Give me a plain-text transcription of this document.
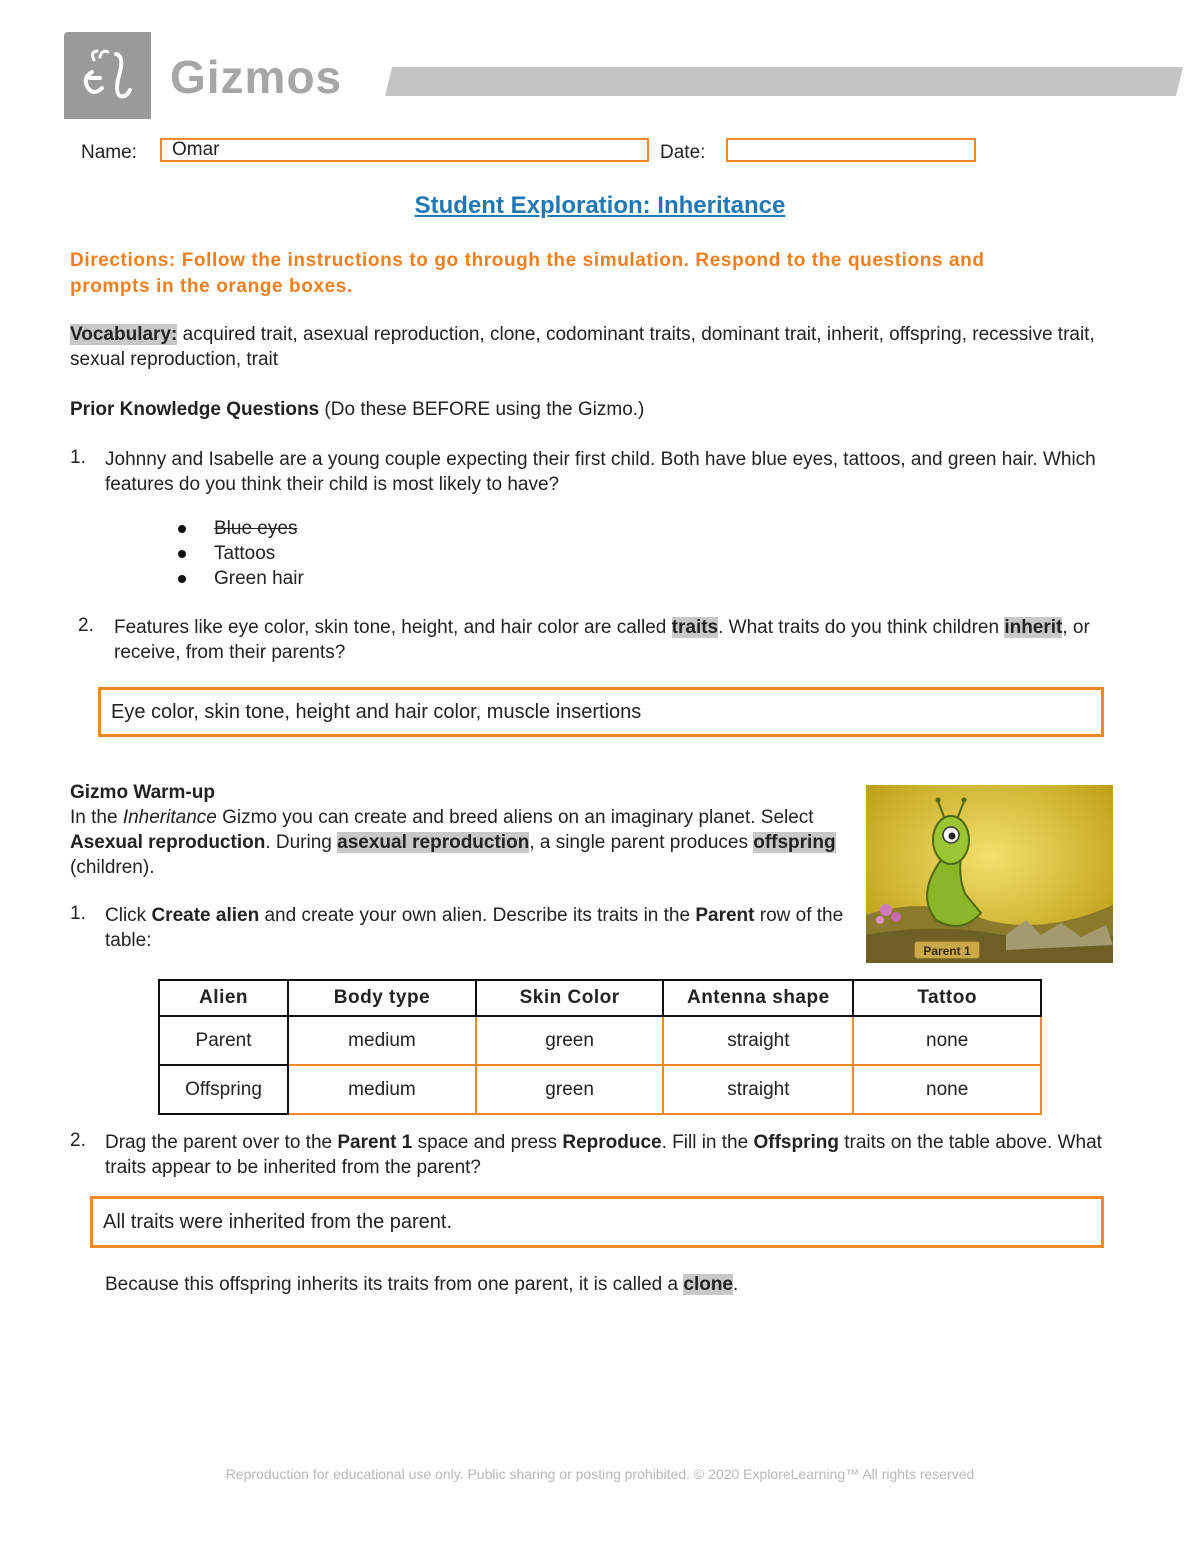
Gizmos
Name:	Omar	Date:
Student Exploration: Inheritance
Directions: Follow the instructions to go through the simulation. Respond to the questions and prompts in the orange boxes.
Vocabulary: acquired trait, asexual reproduction, clone, codominant traits, dominant trait, inherit, offspring, recessive trait, sexual reproduction, trait
Prior Knowledge Questions (Do these BEFORE using the Gizmo.)
1.	Johnny and Isabelle are a young couple expecting their first child. Both have blue eyes, tattoos, and green hair. Which features do you think their child is most likely to have?
Blue eyes
Tattoos
Green hair
2. Features like eye color, skin tone, height, and hair color are called traits. What traits do you think children inherit, or receive, from their parents?
Eye color, skin tone, height and hair color, muscle insertions
Gizmo Warm-up
In the Inheritance Gizmo you can create and breed aliens on an imaginary planet. Select Asexual reproduction. During asexual reproduction, a single parent produces offspring (children).
Parent 1
1. Click Create alien and create your own alien. Describe its traits in the Parent row of the table:
Alien	Body type	Skin Color	Antenna shape	Tattoo
Parent	medium	green	straight	none
Offspring	medium	green	straight	none
2. Drag the parent over to the Parent 1 space and press Reproduce. Fill in the Offspring traits on the table above. What traits appear to be inherited from the parent?
All traits were inherited from the parent.
Because this offspring inherits its traits from one parent, it is called a clone.
Reproduction for educational use only. Public sharing or posting prohibited. © 2020 ExploreLearning™ All rights reserved
